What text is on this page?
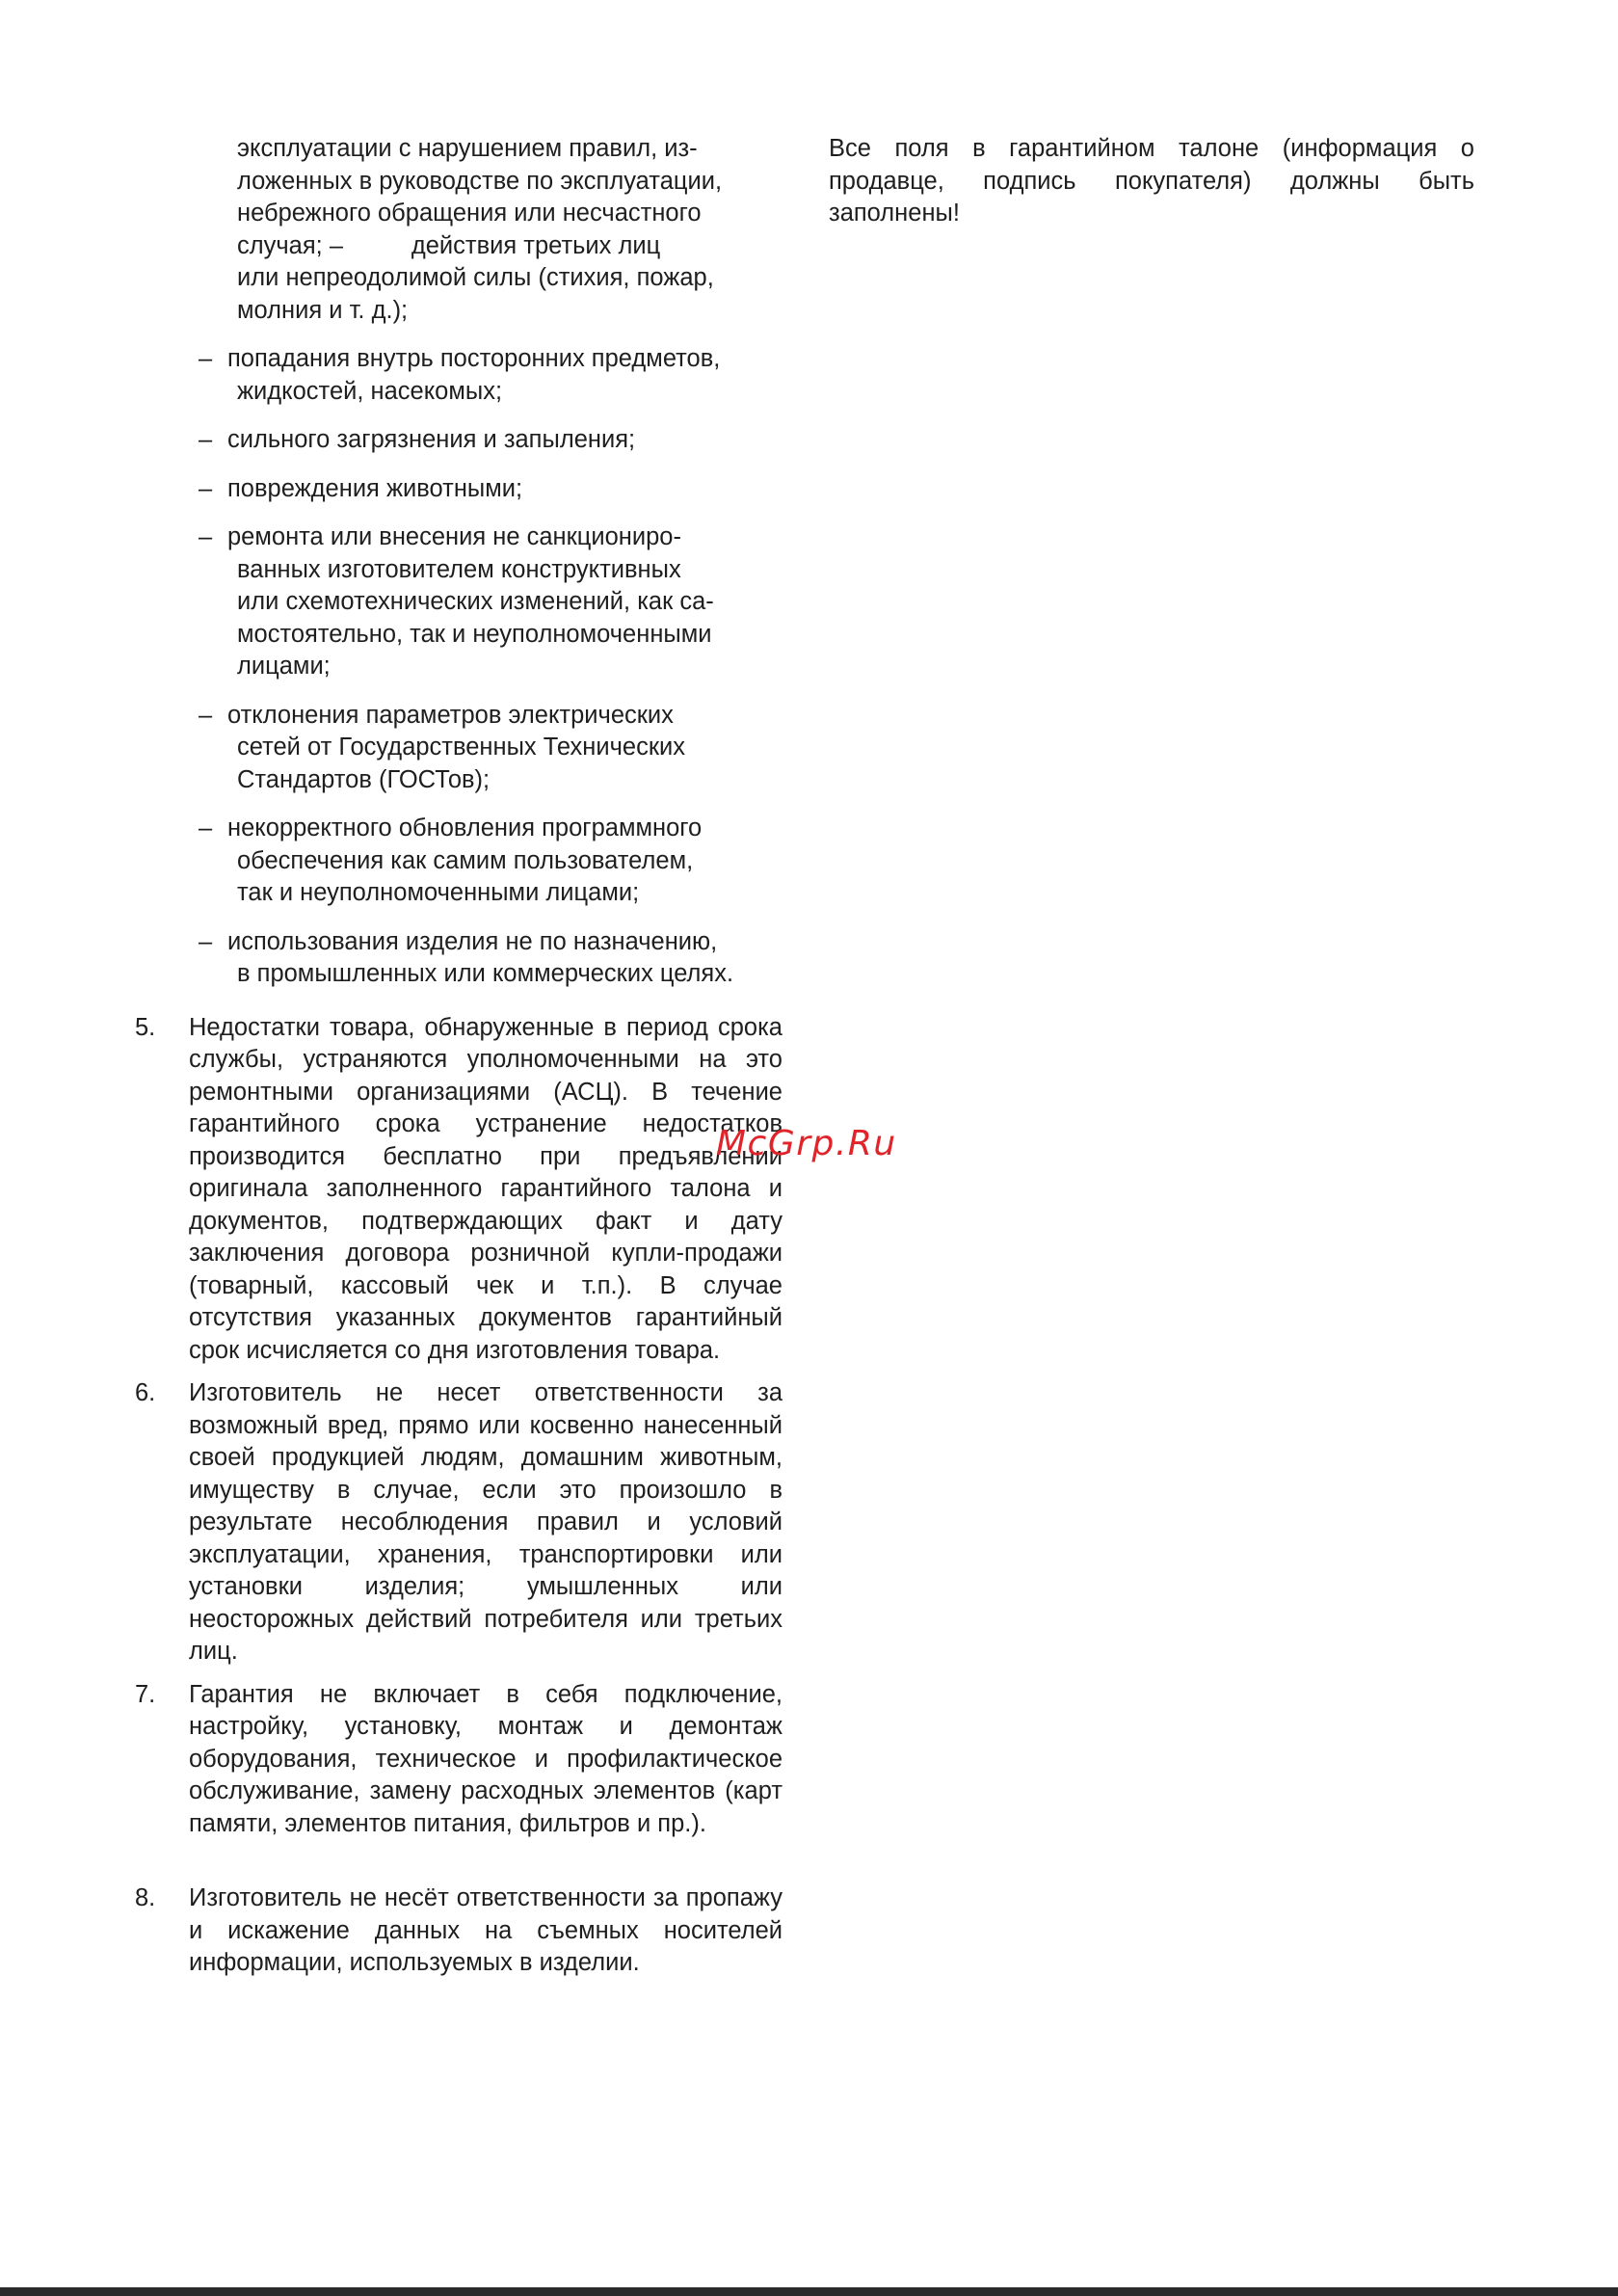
эксплуатации с нарушением правил, из-
ложенных в руководстве по эксплуатации,
небрежного обращения или несчастного
случая; –          действия третьих лиц
или непреодолимой силы (стихия, пожар,
молния и т. д.);
– попадания внутрь посторонних предметов,
жидкостей, насекомых;
– сильного загрязнения и запыления;
– повреждения животными;
– ремонта или внесения не санкциониро-
ванных изготовителем конструктивных
или схемотехнических изменений, как са-
мостоятельно, так и неуполномоченными
лицами;
– отклонения параметров электрических
сетей от Государственных Технических
Стандартов (ГОСТов);
– некорректного обновления программного
обеспечения как самим пользователем,
так и неуполномоченными лицами;
– использования изделия не по назначению,
в промышленных или коммерческих целях.
5. Недостатки товара, обнаруженные в период срока службы, устраняются уполномоченными на это ремонтными организациями (АСЦ). В течение гарантийного срока устранение недостатков производится бесплатно при предъявлении оригинала заполненного гарантийного талона и документов, подтверждающих факт и дату заключения договора розничной купли-продажи (товарный, кассовый чек и т.п.). В случае отсутствия указанных документов гарантийный срок исчисляется со дня изготовления товара.
6. Изготовитель не несет ответственности за возможный вред, прямо или косвенно нанесенный своей продукцией людям, домашним животным, имуществу в случае, если это произошло в результате несоблюдения правил и условий эксплуатации, хранения, транспортировки или установки изделия; умышленных или неосторожных действий потребителя или третьих лиц.
7. Гарантия не включает в себя подключение, настройку, установку, монтаж и демонтаж оборудования, техническое и профилактическое обслуживание, замену расходных элементов (карт памяти, элементов питания, фильтров и пр.).
8. Изготовитель не несёт ответственности за пропажу и искажение данных на съемных носителей информации, используемых в изделии.

Все поля в гарантийном талоне (информация о продавце, подпись покупателя) должны быть заполнены!

McGrp.Ru
